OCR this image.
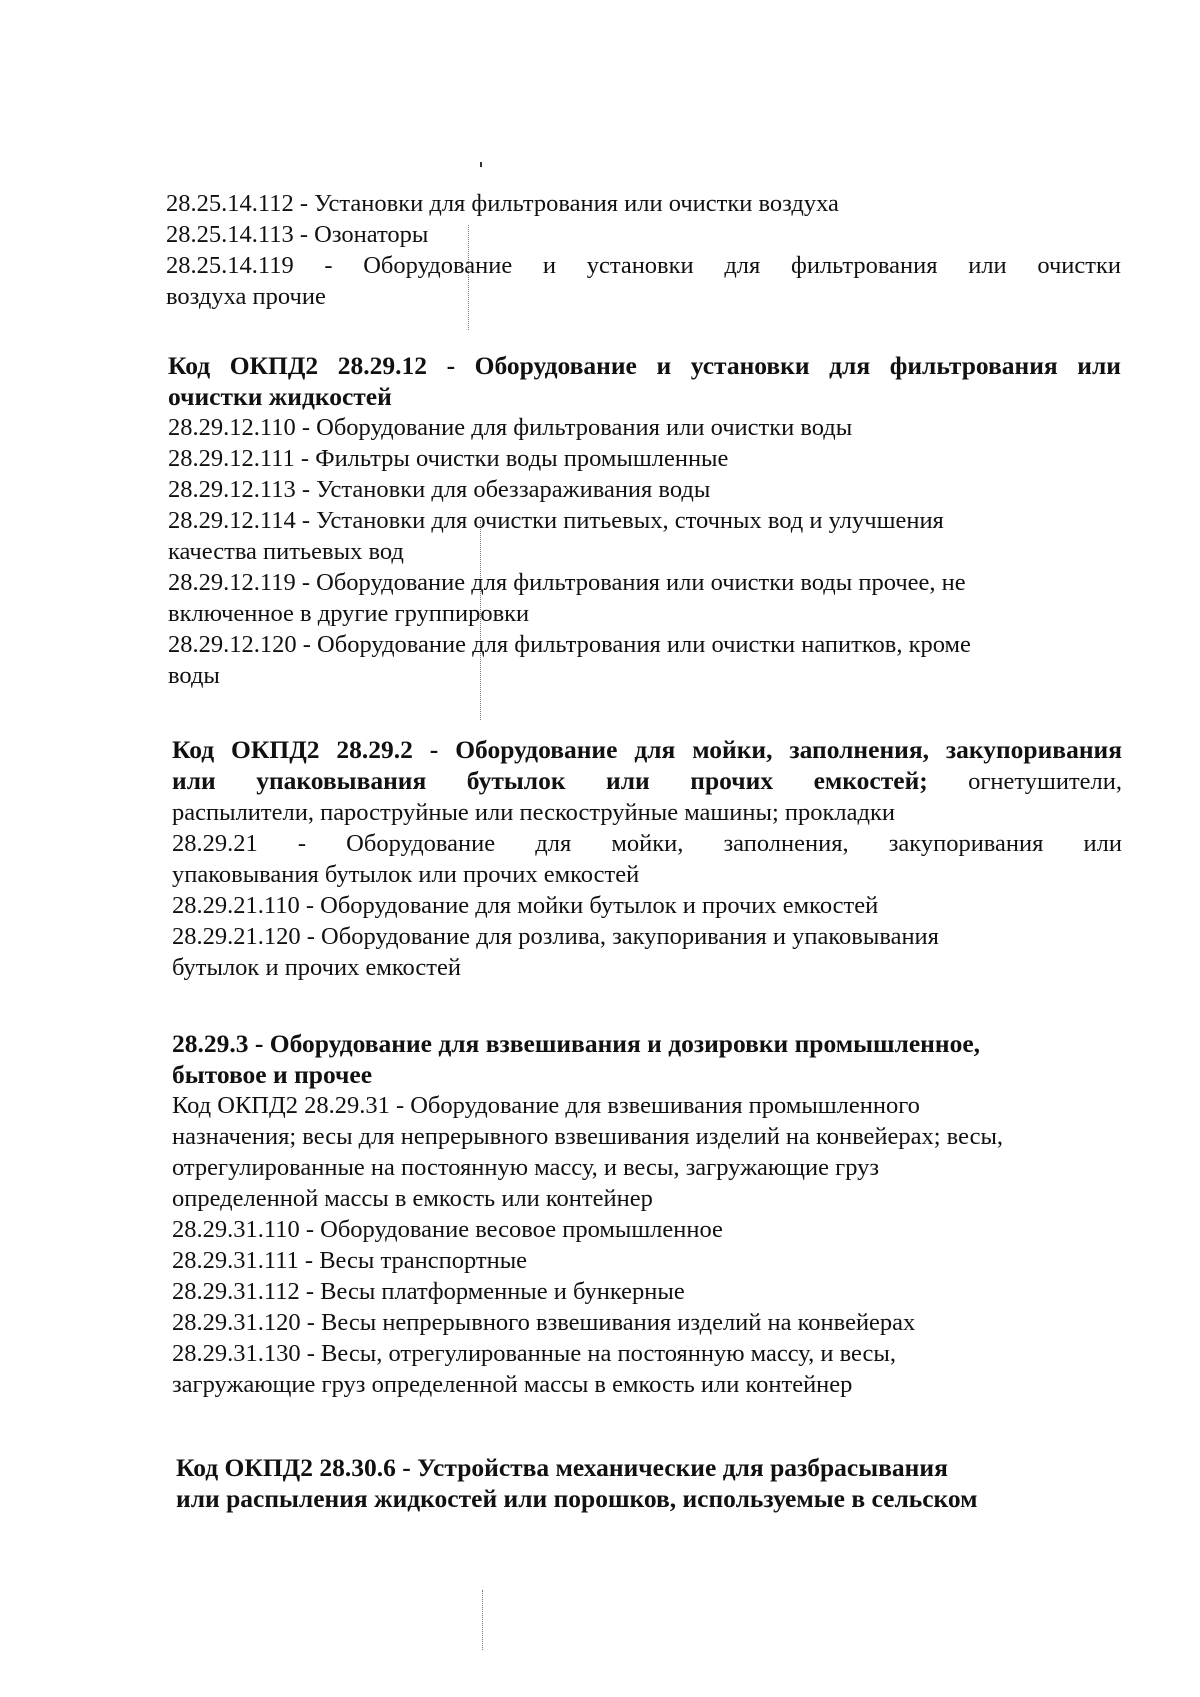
28.25.14.112 - Установки для фильтрования или очистки воздуха
28.25.14.113 - Озонаторы
28.25.14.119 - Оборудование и установки для фильтрования или очистки
воздуха прочие
Код ОКПД2 28.29.12 - Оборудование и установки для фильтрования или
очистки жидкостей
28.29.12.110 - Оборудование для фильтрования или очистки воды
28.29.12.111 - Фильтры очистки воды промышленные
28.29.12.113 - Установки для обеззараживания воды
28.29.12.114 - Установки для очистки питьевых, сточных вод и улучшения
качества питьевых вод
28.29.12.119 - Оборудование для фильтрования или очистки воды прочее, не
включенное в другие группировки
28.29.12.120 - Оборудование для фильтрования или очистки напитков, кроме
воды
Код ОКПД2 28.29.2 - Оборудование для мойки, заполнения, закупоривания
или упаковывания бутылок или прочих емкостей; огнетушители,
распылители, пароструйные или пескоструйные машины; прокладки
28.29.21 - Оборудование для мойки, заполнения, закупоривания или
упаковывания бутылок или прочих емкостей
28.29.21.110 - Оборудование для мойки бутылок и прочих емкостей
28.29.21.120 - Оборудование для розлива, закупоривания и упаковывания
бутылок и прочих емкостей
28.29.3 - Оборудование для взвешивания и дозировки промышленное,
бытовое и прочее
Код ОКПД2 28.29.31 - Оборудование для взвешивания промышленного
назначения; весы для непрерывного взвешивания изделий на конвейерах; весы,
отрегулированные на постоянную массу, и весы, загружающие груз
определенной массы в емкость или контейнер
28.29.31.110 - Оборудование весовое промышленное
28.29.31.111 - Весы транспортные
28.29.31.112 - Весы платформенные и бункерные
28.29.31.120 - Весы непрерывного взвешивания изделий на конвейерах
28.29.31.130 - Весы, отрегулированные на постоянную массу, и весы,
загружающие груз определенной массы в емкость или контейнер
Код ОКПД2 28.30.6 - Устройства механические для разбрасывания
или распыления жидкостей или порошков, используемые в сельском
